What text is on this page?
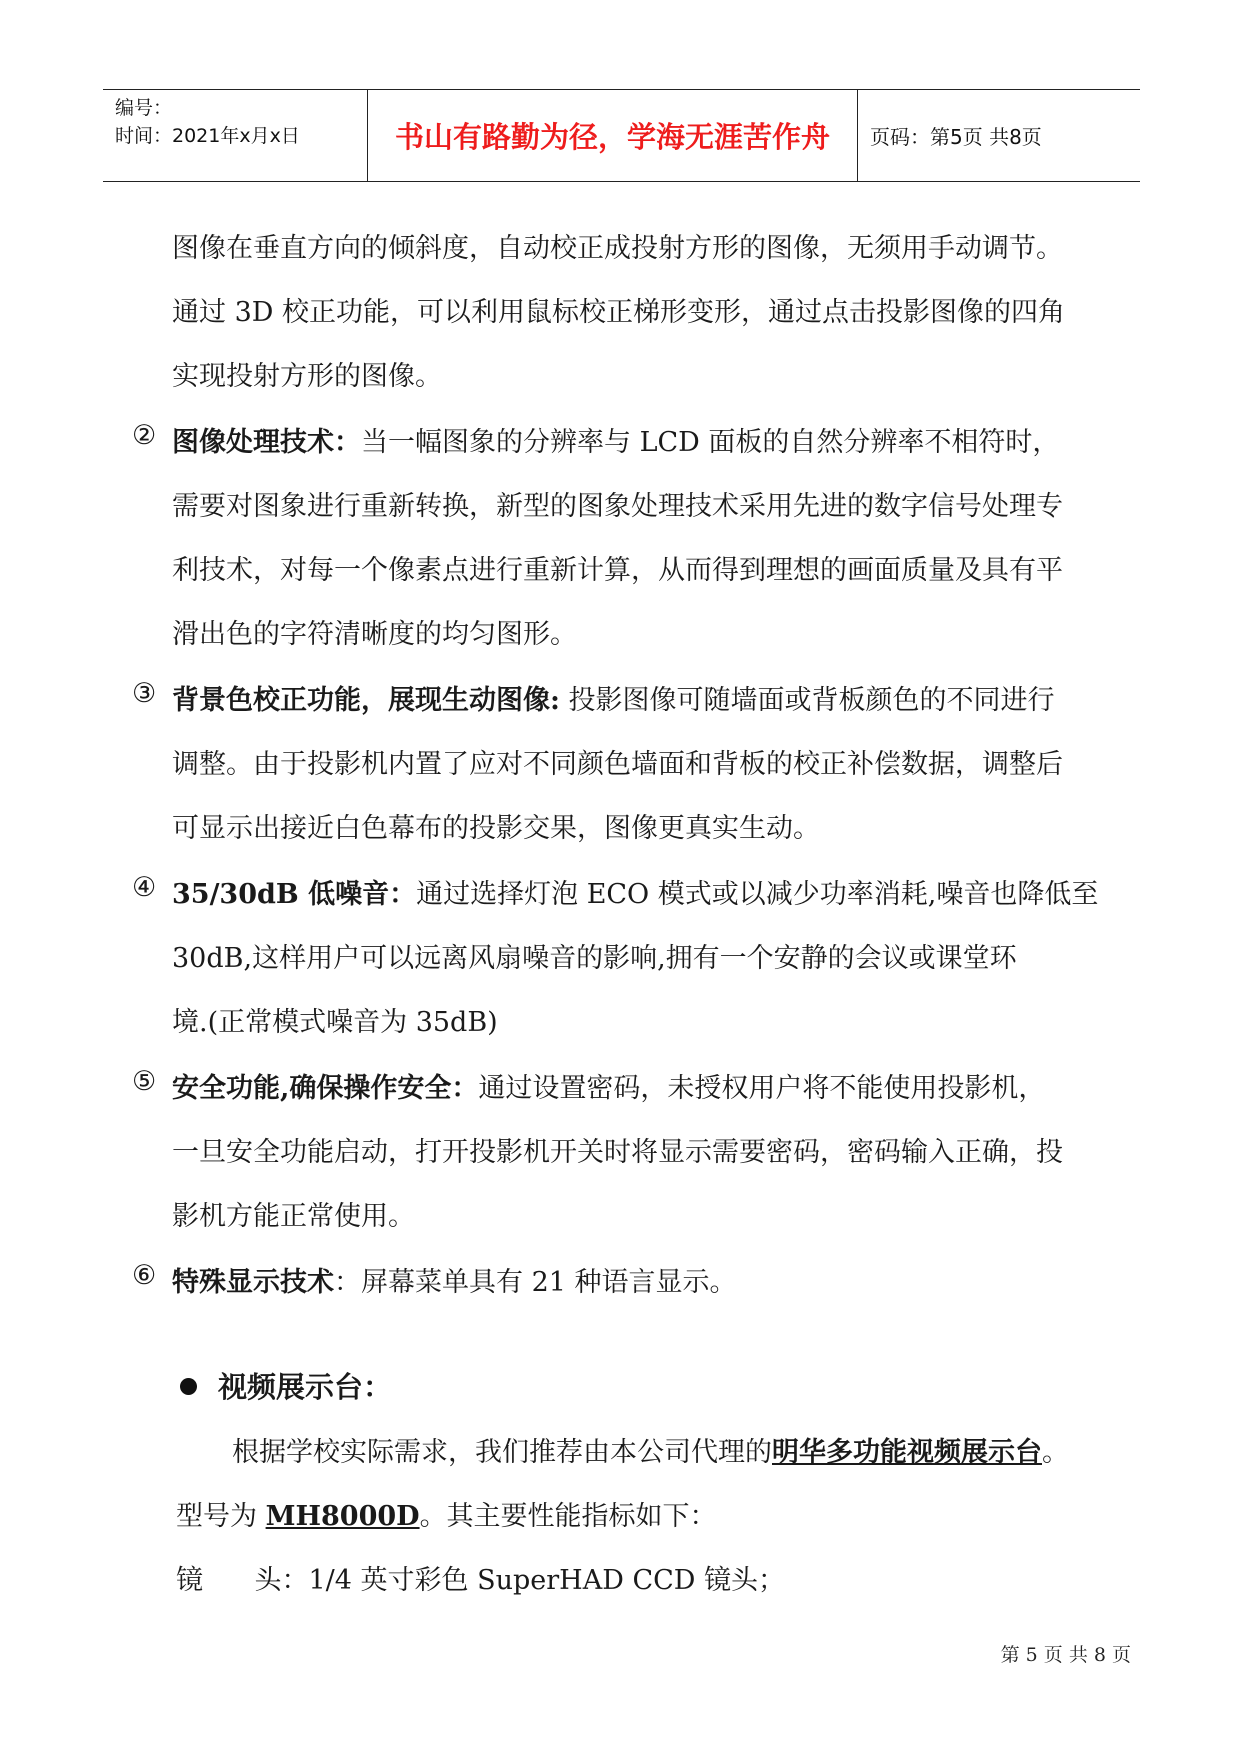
编号：
时间：2021年x月x日	书山有路勤为径，学海无涯苦作舟	页码：第5页 共8页
图像在垂直方向的倾斜度，自动校正成投射方形的图像，无须用手动调节。
通过 3D 校正功能，可以利用鼠标校正梯形变形，通过点击投影图像的四角
实现投射方形的图像。
② 图像处理技术：当一幅图象的分辨率与 LCD 面板的自然分辨率不相符时，
需要对图象进行重新转换，新型的图象处理技术采用先进的数字信号处理专
利技术，对每一个像素点进行重新计算，从而得到理想的画面质量及具有平
滑出色的字符清晰度的均匀图形。
③ 背景色校正功能，展现生动图像: 投影图像可随墙面或背板颜色的不同进行
调整。由于投影机内置了应对不同颜色墙面和背板的校正补偿数据，调整后
可显示出接近白色幕布的投影交果，图像更真实生动。
④ 35/30dB 低噪音：通过选择灯泡 ECO 模式或以减少功率消耗,噪音也降低至
30dB,这样用户可以远离风扇噪音的影响,拥有一个安静的会议或课堂环
境.(正常模式噪音为 35dB)
⑤ 安全功能,确保操作安全：通过设置密码，未授权用户将不能使用投影机，
一旦安全功能启动，打开投影机开关时将显示需要密码，密码输入正确，投
影机方能正常使用。
⑥ 特殊显示技术：屏幕菜单具有 21 种语言显示。
视频展示台：
根据学校实际需求，我们推荐由本公司代理的明华多功能视频展示台。
型号为 MH8000D。其主要性能指标如下：
镜      头：1/4 英寸彩色 SuperHAD CCD 镜头；
第 5 页 共 8 页
